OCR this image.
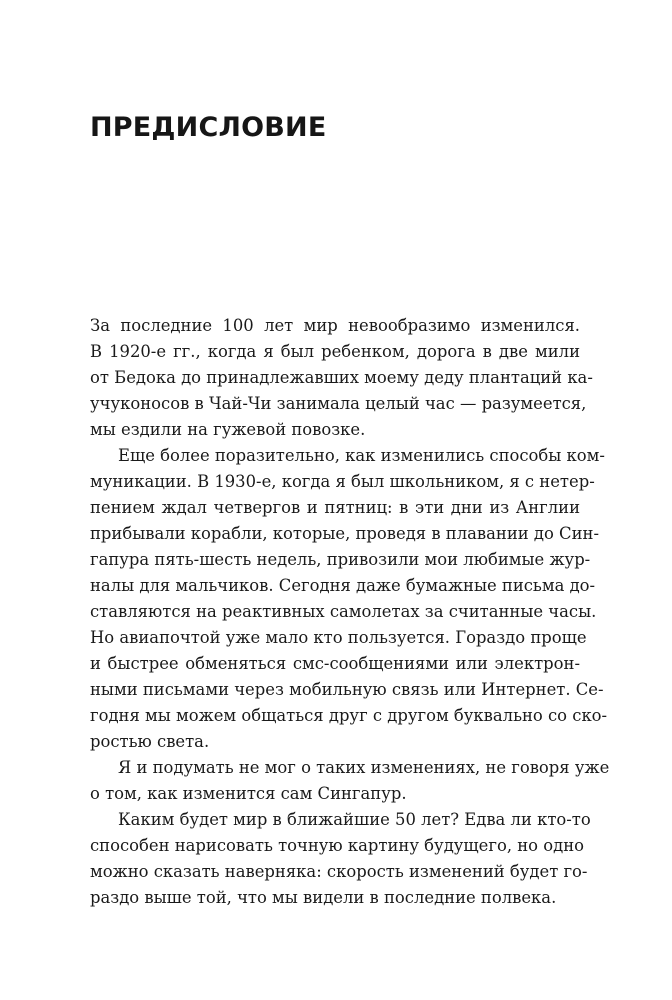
ПРЕДИСЛОВИЕ

За последние 100 лет мир невообразимо изменился.

В 1920-е гг., когда я был ребенком, дорога в две мили

от Бедока до принадлежавших моему деду плантаций ка-

учуконосов в Чай-Чи занимала целый час — разумеется,

мы ездили на гужевой повозке.

Еще более поразительно, как изменились способы ком-

муникации. В 1930-е, когда я был школьником, я с нетер-

пением ждал четвергов и пятниц: в эти дни из Англии

прибывали корабли, которые, проведя в плавании до Син-

гапура пять-шесть недель, привозили мои любимые жур-

налы для мальчиков. Сегодня даже бумажные письма до-

ставляются на реактивных самолетах за считанные часы.

Но авиапочтой уже мало кто пользуется. Гораздо проще

и быстрее обменяться смс-сообщениями или электрон-

ными письмами через мобильную связь или Интернет. Се-

годня мы можем общаться друг с другом буквально со ско-

ростью света.

Я и подумать не мог о таких изменениях, не говоря уже

о том, как изменится сам Сингапур.

Каким будет мир в ближайшие 50 лет? Едва ли кто-то

способен нарисовать точную картину будущего, но одно

можно сказать наверняка: скорость изменений будет го-

раздо выше той, что мы видели в последние полвека.
